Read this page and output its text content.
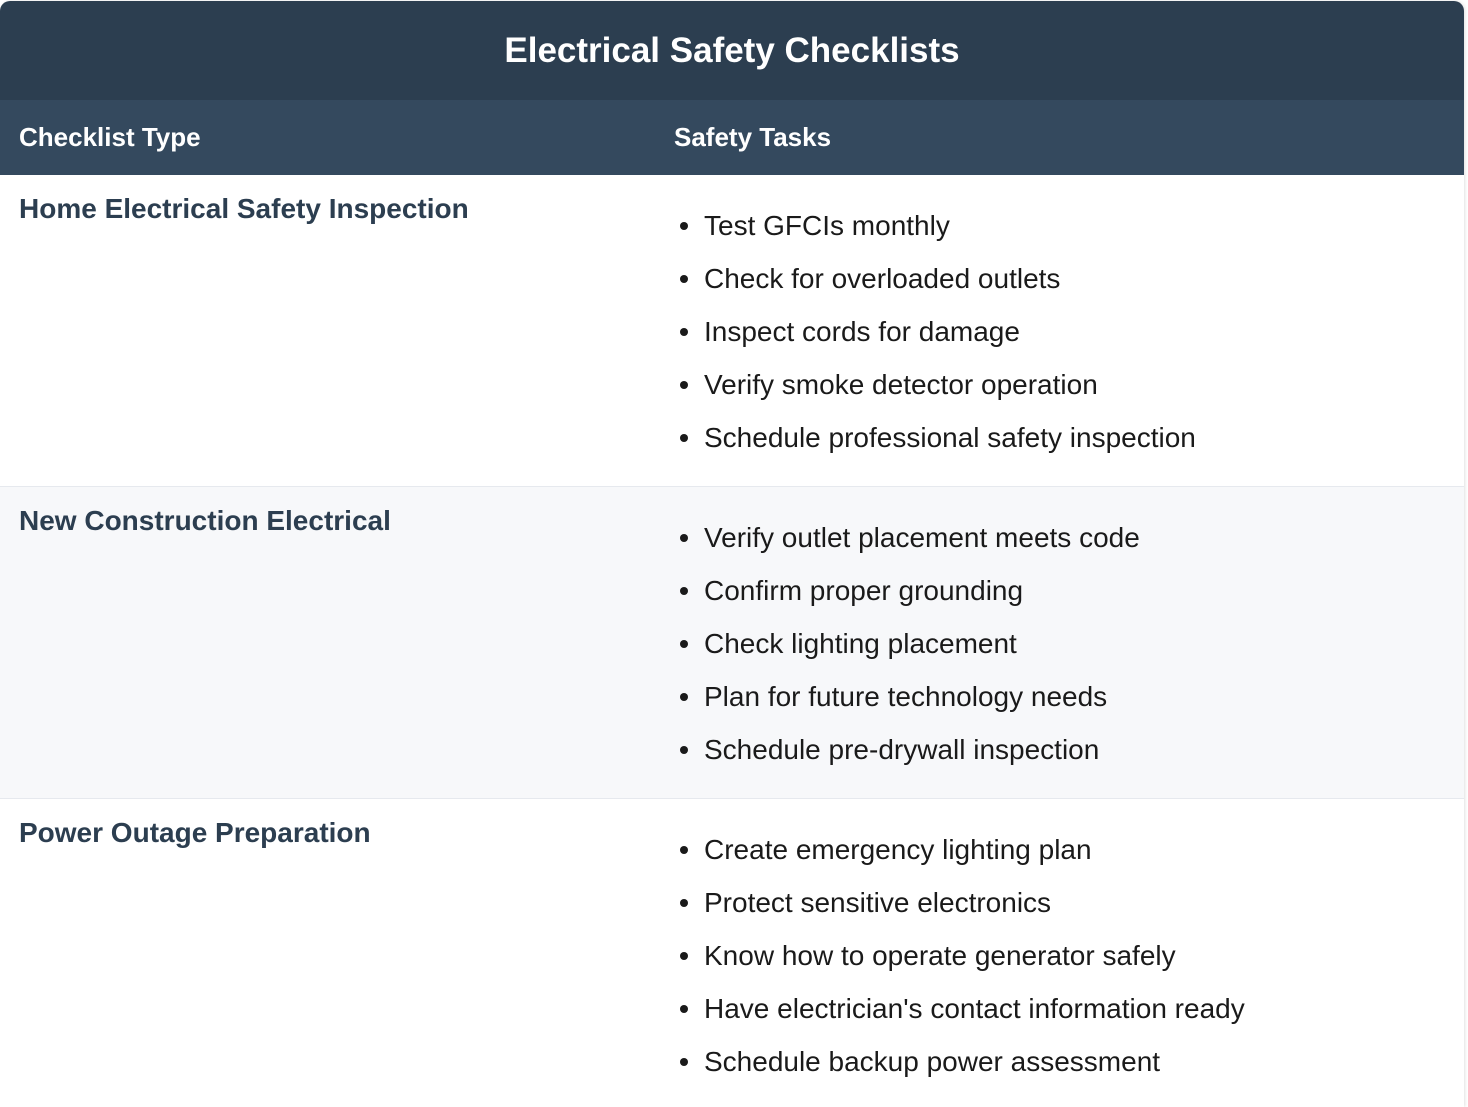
Electrical Safety Checklists
Checklist Type	Safety Tasks
Home Electrical Safety Inspection
Test GFCIs monthly
Check for overloaded outlets
Inspect cords for damage
Verify smoke detector operation
Schedule professional safety inspection
New Construction Electrical
Verify outlet placement meets code
Confirm proper grounding
Check lighting placement
Plan for future technology needs
Schedule pre-drywall inspection
Power Outage Preparation
Create emergency lighting plan
Protect sensitive electronics
Know how to operate generator safely
Have electrician's contact information ready
Schedule backup power assessment
